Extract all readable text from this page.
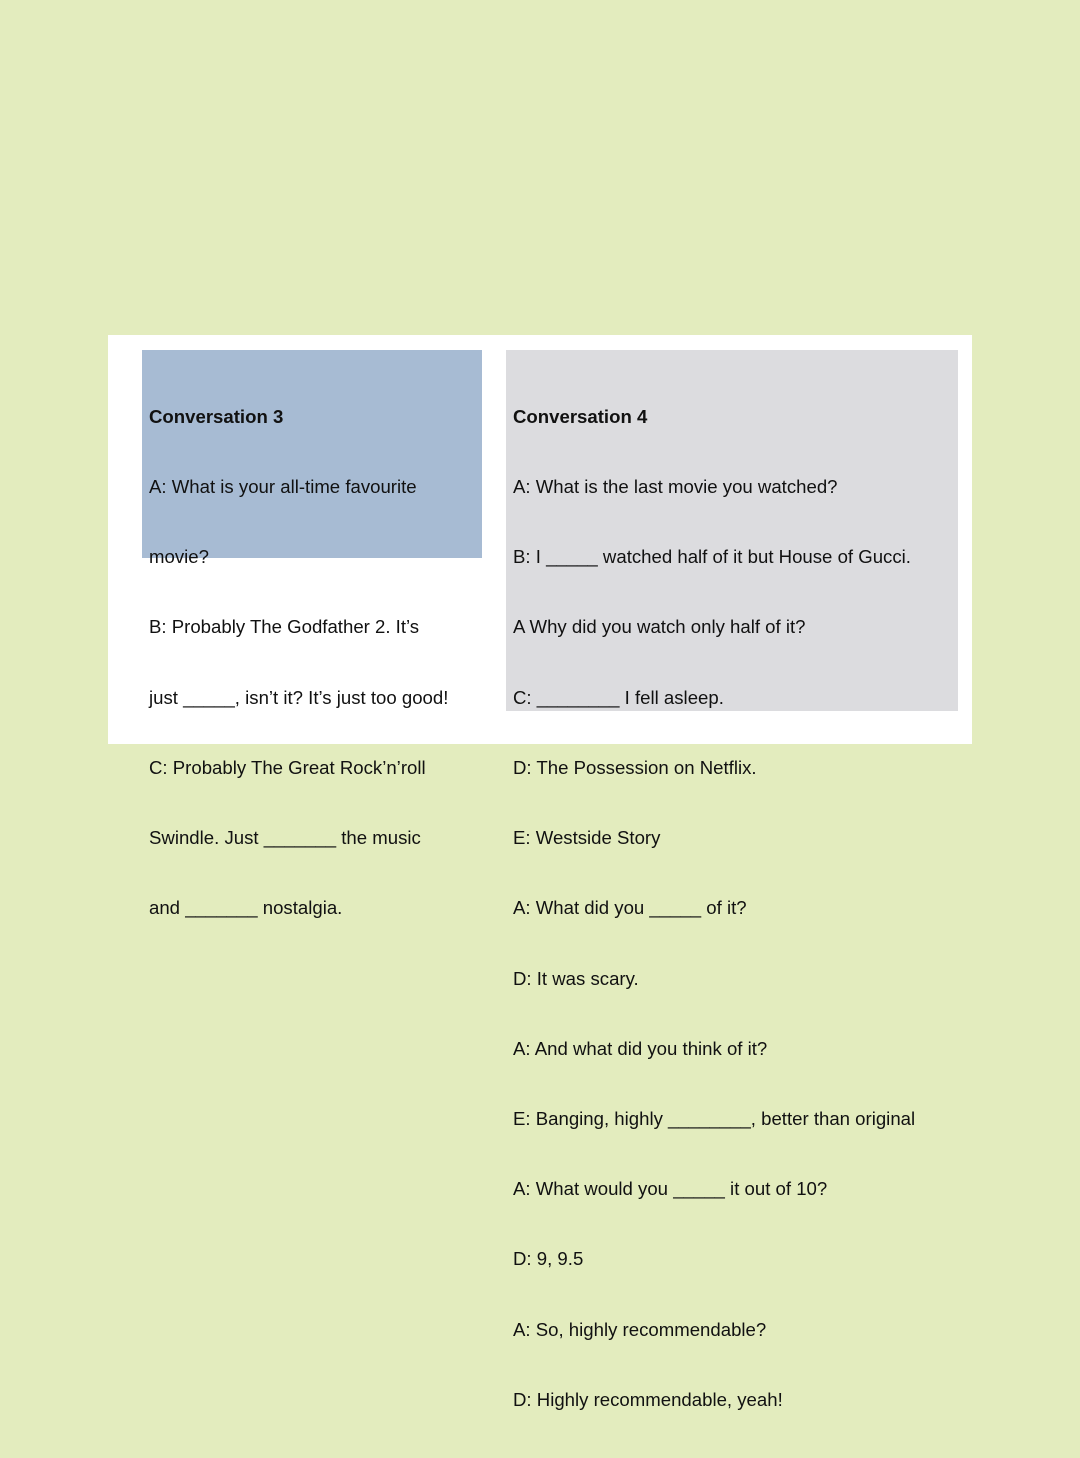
Conversation 3

A: What is your all-time favourite

movie?

B: Probably The Godfather 2. It’s

just _____, isn’t it? It’s just too good!

C: Probably The Great Rock’n’roll

Swindle. Just _______ the music

and _______ nostalgia.

Conversation 4

A: What is the last movie you watched?

B: I _____ watched half of it but House of Gucci.

A Why did you watch only half of it?

C: ________ I fell asleep.

D: The Possession on Netflix.

E: Westside Story

A: What did you _____ of it?

D: It was scary.

A: And what did you think of it?

E: Banging, highly ________, better than original

A: What would you _____ it out of 10?

D: 9, 9.5

A: So, highly recommendable?

D: Highly recommendable, yeah!
